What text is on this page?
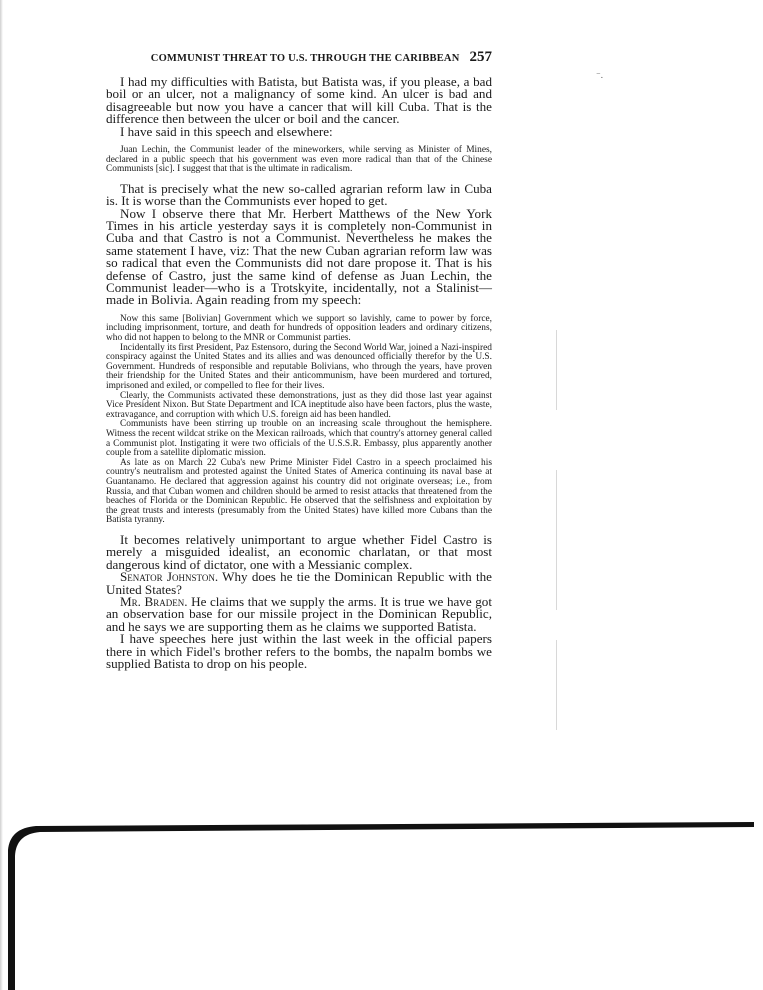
COMMUNIST THREAT TO U.S. THROUGH THE CARIBBEAN 257
⁻.

I had my difficulties with Batista, but Batista was, if you please, a bad boil or an ulcer, not a malignancy of some kind. An ulcer is bad and disagreeable but now you have a cancer that will kill Cuba. That is the difference then between the ulcer or boil and the cancer.

I have said in this speech and elsewhere:

Juan Lechin, the Communist leader of the mineworkers, while serving as Minister of Mines, declared in a public speech that his government was even more radical than that of the Chinese Communists [sic]. I suggest that that is the ultimate in radicalism.

That is precisely what the new so-called agrarian reform law in Cuba is. It is worse than the Communists ever hoped to get.

Now I observe there that Mr. Herbert Matthews of the New York Times in his article yesterday says it is completely non-Communist in Cuba and that Castro is not a Communist. Nevertheless he makes the same statement I have, viz: That the new Cuban agrarian reform law was so radical that even the Communists did not dare propose it. That is his defense of Castro, just the same kind of defense as Juan Lechin, the Communist leader—who is a Trotskyite, incidentally, not a Stalinist—made in Bolivia. Again reading from my speech:

Now this same [Bolivian] Government which we support so lavishly, came to power by force, including imprisonment, torture, and death for hundreds of opposition leaders and ordinary citizens, who did not happen to belong to the MNR or Communist parties.

Incidentally its first President, Paz Estensoro, during the Second World War, joined a Nazi-inspired conspiracy against the United States and its allies and was denounced officially therefor by the U.S. Government. Hundreds of responsible and reputable Bolivians, who through the years, have proven their friendship for the United States and their anticommunism, have been murdered and tortured, imprisoned and exiled, or compelled to flee for their lives.

Clearly, the Communists activated these demonstrations, just as they did those last year against Vice President Nixon. But State Department and ICA ineptitude also have been factors, plus the waste, extravagance, and corruption with which U.S. foreign aid has been handled.

Communists have been stirring up trouble on an increasing scale throughout the hemisphere. Witness the recent wildcat strike on the Mexican railroads, which that country's attorney general called a Communist plot. Instigating it were two officials of the U.S.S.R. Embassy, plus apparently another couple from a satellite diplomatic mission.

As late as on March 22 Cuba's new Prime Minister Fidel Castro in a speech proclaimed his country's neutralism and protested against the United States of America continuing its naval base at Guantanamo. He declared that aggression against his country did not originate overseas; i.e., from Russia, and that Cuban women and children should be armed to resist attacks that threatened from the beaches of Florida or the Dominican Republic. He observed that the selfishness and exploitation by the great trusts and interests (presumably from the United States) have killed more Cubans than the Batista tyranny.

It becomes relatively unimportant to argue whether Fidel Castro is merely a misguided idealist, an economic charlatan, or that most dangerous kind of dictator, one with a Messianic complex.

Senator Johnston. Why does he tie the Dominican Republic with the United States?

Mr. Braden. He claims that we supply the arms. It is true we have got an observation base for our missile project in the Dominican Republic, and he says we are supporting them as he claims we supported Batista.

I have speeches here just within the last week in the official papers there in which Fidel's brother refers to the bombs, the napalm bombs we supplied Batista to drop on his people.
